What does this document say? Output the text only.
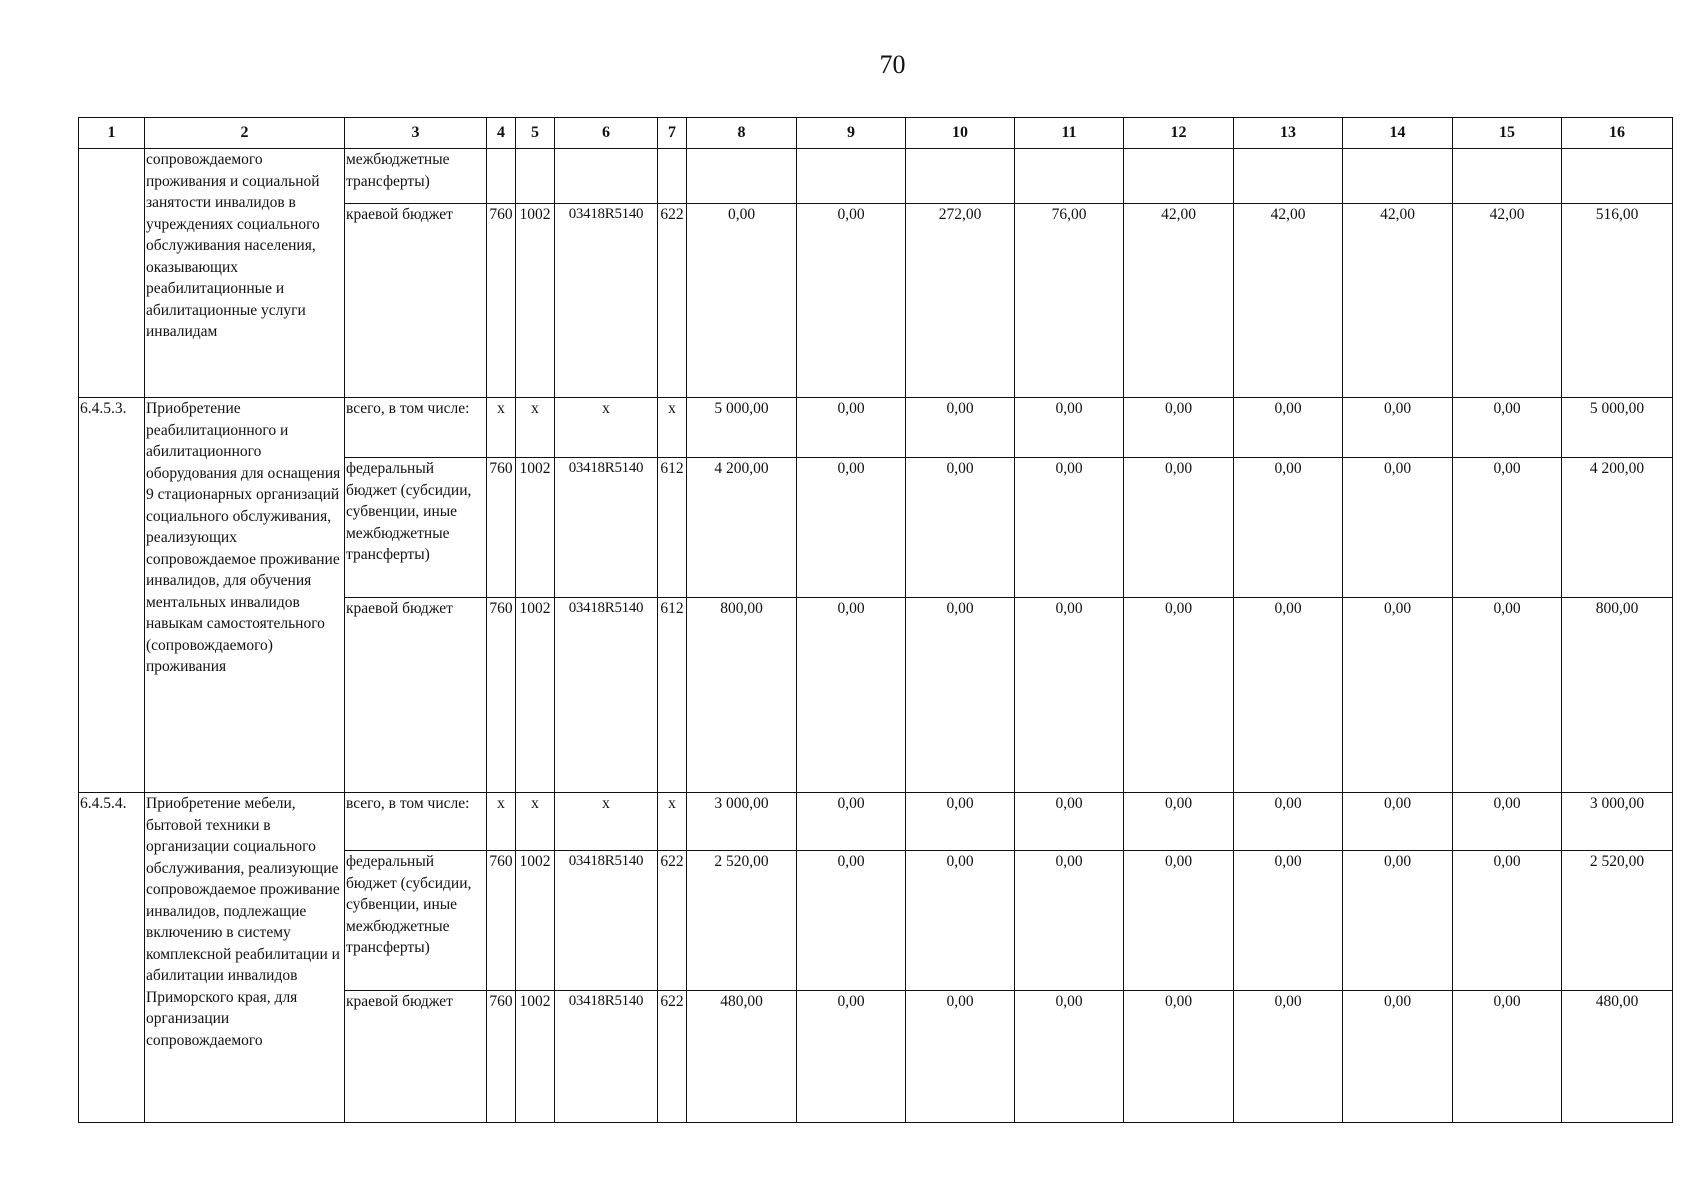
70
1	2	3	4	5	6	7	8	9	10	11	12	13	14	15	16
	сопровождаемого проживания и социальной занятости инвалидов в учреждениях социального обслуживания населения, оказывающих реабилитационные и абилитационные услуги инвалидам	межбюджетные трансферты)													
		краевой бюджет	760	1002	03418R5140	622	0,00	0,00	272,00	76,00	42,00	42,00	42,00	42,00	516,00
6.4.5.3.	Приобретение реабилитационного и абилитационного оборудования для оснащения 9 стационарных организаций социального обслуживания, реализующих сопровождаемое проживание инвалидов, для обучения ментальных инвалидов навыкам самостоятельного (сопровождаемого) проживания	всего, в том числе:	x	x	x	x	5 000,00	0,00	0,00	0,00	0,00	0,00	0,00	0,00	5 000,00
		федеральный бюджет (субсидии, субвенции, иные межбюджетные трансферты)	760	1002	03418R5140	612	4 200,00	0,00	0,00	0,00	0,00	0,00	0,00	0,00	4 200,00
		краевой бюджет	760	1002	03418R5140	612	800,00	0,00	0,00	0,00	0,00	0,00	0,00	0,00	800,00
6.4.5.4.	Приобретение мебели, бытовой техники в организации социального обслуживания, реализующие сопровождаемое проживание инвалидов, подлежащие включению в систему комплексной реабилитации и абилитации инвалидов Приморского края, для организации сопровождаемого	всего, в том числе:	x	x	x	x	3 000,00	0,00	0,00	0,00	0,00	0,00	0,00	0,00	3 000,00
		федеральный бюджет (субсидии, субвенции, иные межбюджетные трансферты)	760	1002	03418R5140	622	2 520,00	0,00	0,00	0,00	0,00	0,00	0,00	0,00	2 520,00
		краевой бюджет	760	1002	03418R5140	622	480,00	0,00	0,00	0,00	0,00	0,00	0,00	0,00	480,00
